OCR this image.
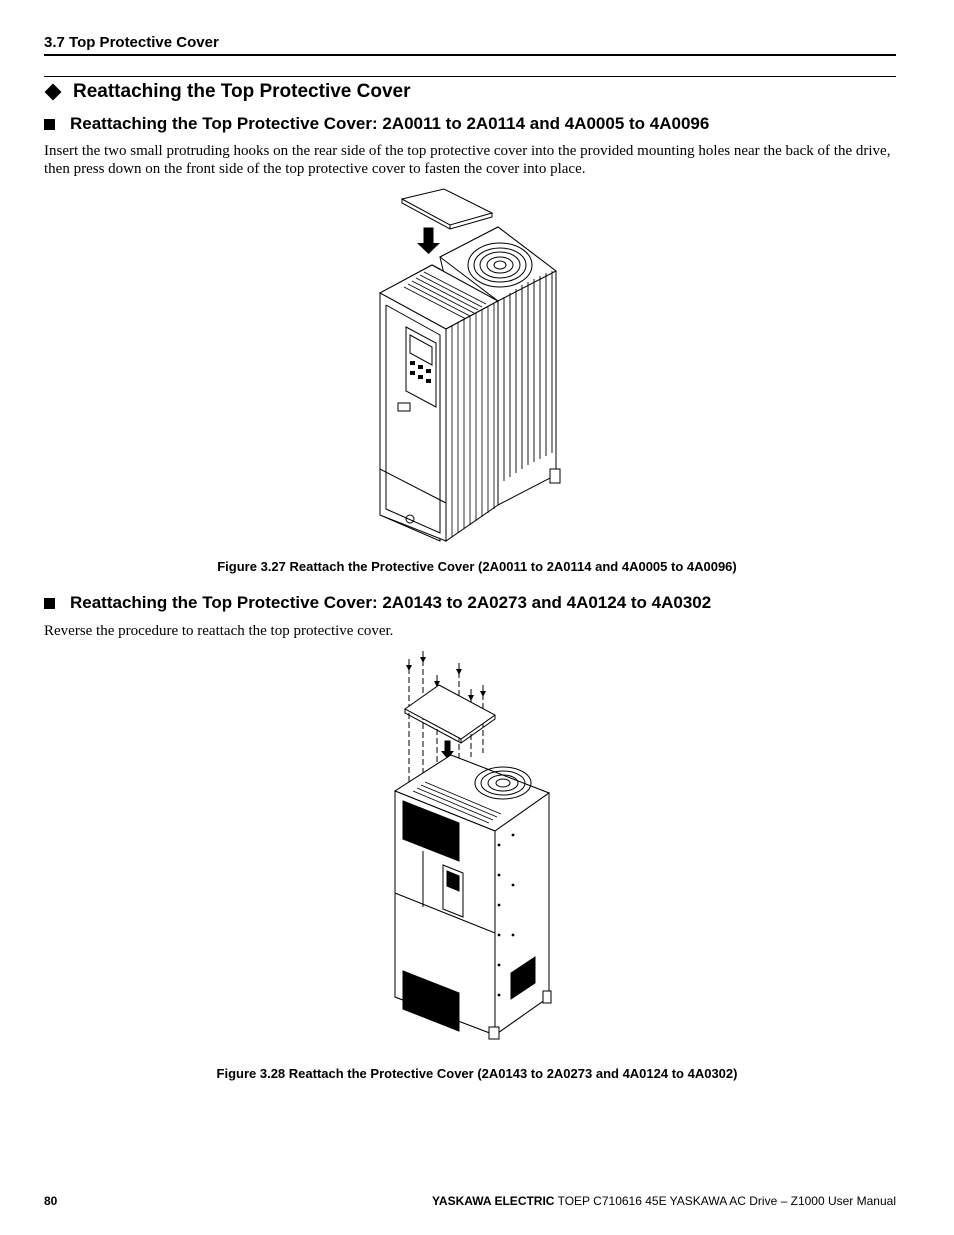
3.7 Top Protective Cover
Reattaching the Top Protective Cover
Reattaching the Top Protective Cover: 2A0011 to 2A0114 and 4A0005 to 4A0096
Insert the two small protruding hooks on the rear side of the top protective cover into the provided mounting holes near the back of the drive, then press down on the front side of the top protective cover to fasten the cover into place.
Figure 3.27 Reattach the Protective Cover (2A0011 to 2A0114 and 4A0005 to 4A0096)
Reattaching the Top Protective Cover: 2A0143 to 2A0273 and 4A0124 to 4A0302
Reverse the procedure to reattach the top protective cover.
Figure 3.28 Reattach the Protective Cover (2A0143 to 2A0273 and 4A0124 to 4A0302)
80	YASKAWA ELECTRIC TOEP C710616 45E YASKAWA AC Drive – Z1000 User Manual
